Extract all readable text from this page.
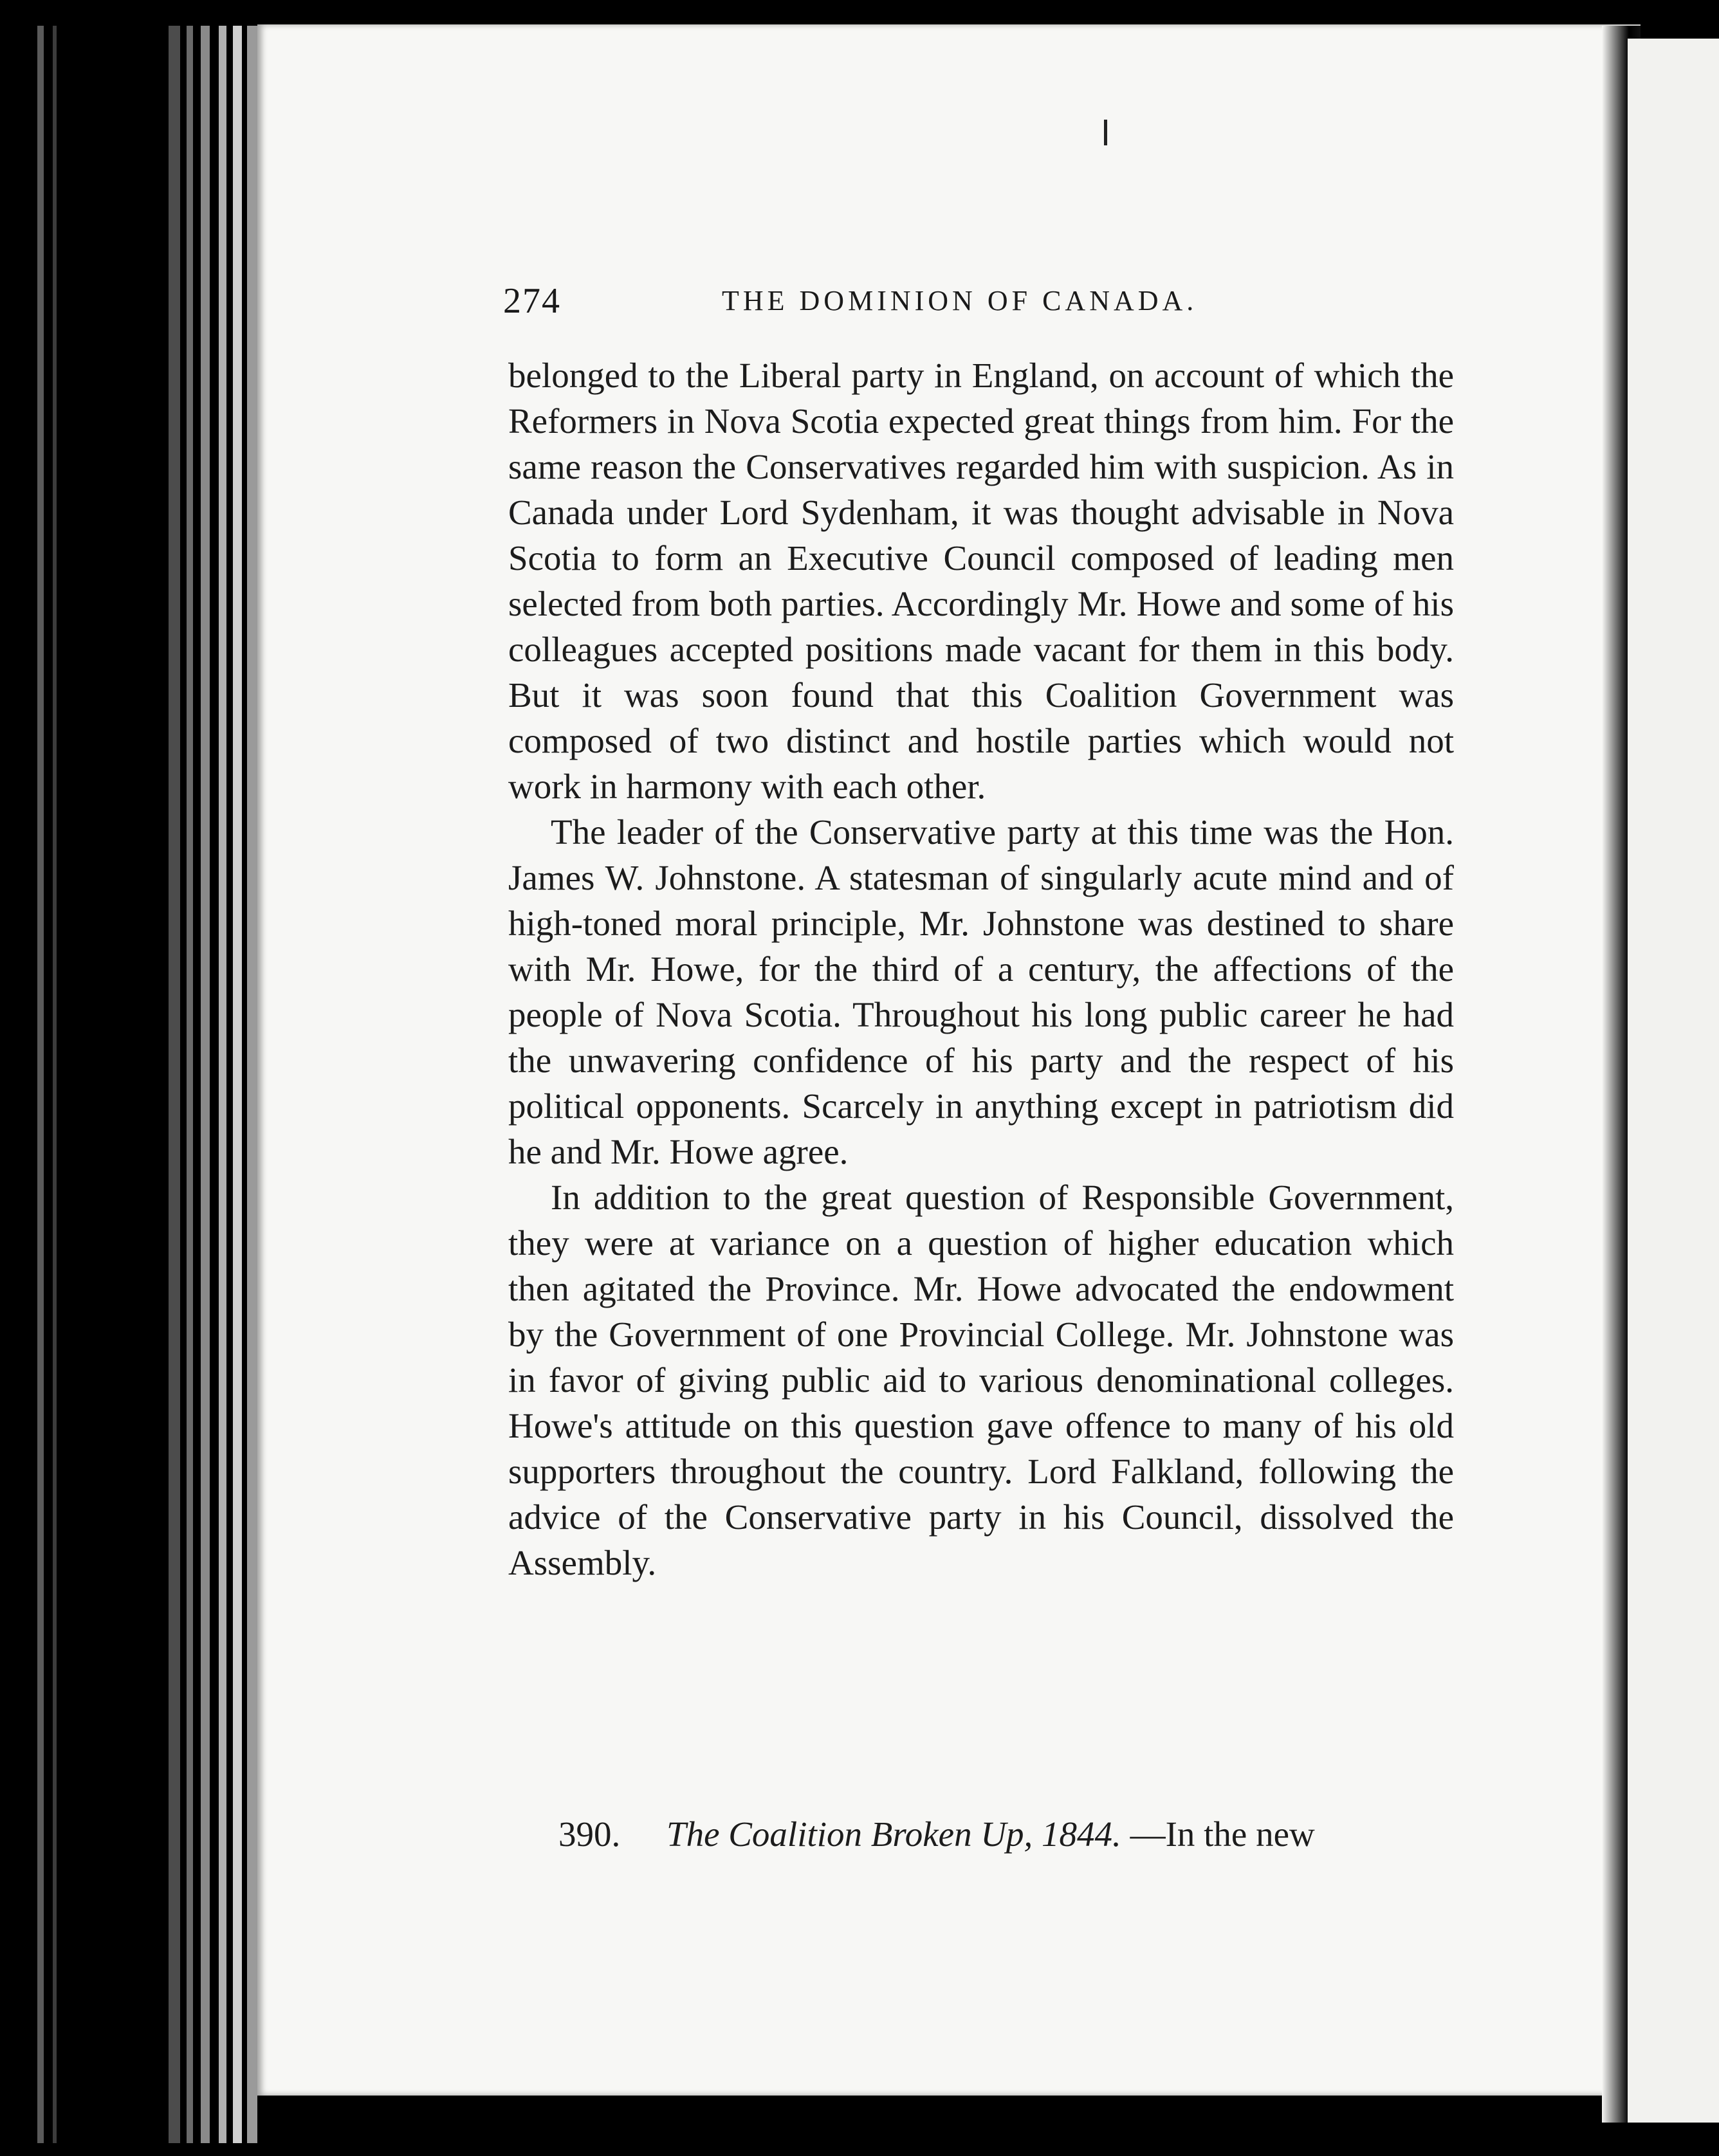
274	THE DOMINION OF CANADA.

belonged to the Liberal party in England, on account of which the Reformers in Nova Scotia expected great things from him. For the same reason the Conservatives regarded him with suspicion. As in Canada under Lord Sydenham, it was thought advisable in Nova Scotia to form an Executive Council composed of leading men selected from both parties. Accordingly Mr. Howe and some of his colleagues accepted positions made vacant for them in this body. But it was soon found that this Coalition Government was composed of two distinct and hostile parties which would not work in harmony with each other.

The leader of the Conservative party at this time was the Hon. James W. Johnstone. A statesman of singularly acute mind and of high-toned moral principle, Mr. Johnstone was destined to share with Mr. Howe, for the third of a century, the affections of the people of Nova Scotia. Throughout his long public career he had the unwavering confidence of his party and the respect of his political opponents. Scarcely in anything except in patriotism did he and Mr. Howe agree.

In addition to the great question of Responsible Government, they were at variance on a question of higher education which then agitated the Province. Mr. Howe advocated the endowment by the Government of one Provincial College. Mr. Johnstone was in favor of giving public aid to various denominational colleges. Howe's attitude on this question gave offence to many of his old supporters throughout the country. Lord Falkland, following the advice of the Conservative party in his Council, dissolved the Assembly.

390. The Coalition Broken Up, 1844. —In the new
